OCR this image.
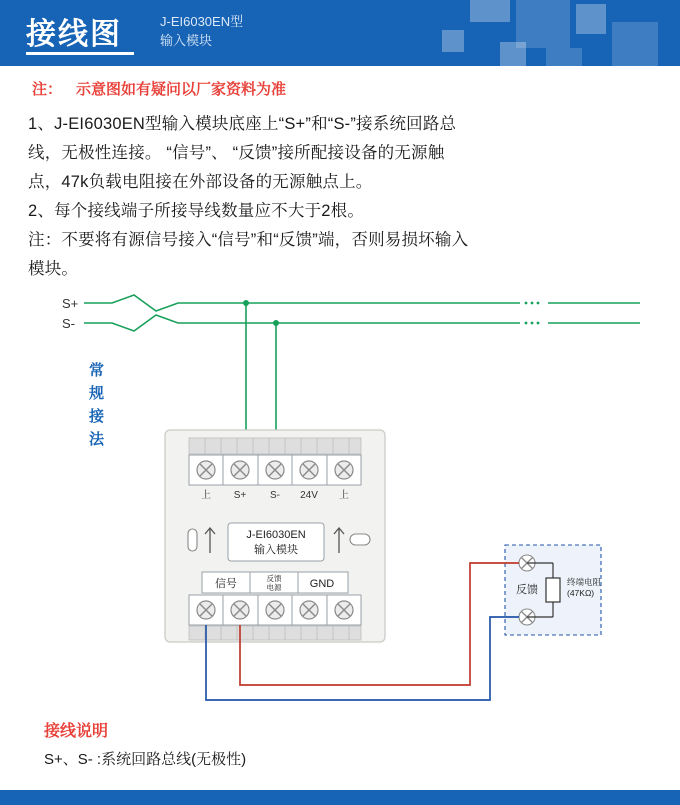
接线图	J-EI6030EN型
输入模块
注： 示意图如有疑问以厂家资料为准

1、J-EI6030EN型输入模块底座上“S+”和“S-”接系统回路总

线，无极性连接。 “信号”、 “反馈”接所配接设备的无源触

点，47k负载电阻接在外部设备的无源触点上。

2、每个接线端子所接导线数量应不大于2根。

注：不要将有源信号接入“信号”和“反馈”端，否则易损坏输入

模块。

S+
S-
常
规
接
法
上 S+ S- 24V 上
J-EI6030EN
输入模块
信号	反馈
电源	GND	反馈
终端电阻
(47KΩ)
接线说明
S+、S- :系统回路总线(无极性)
